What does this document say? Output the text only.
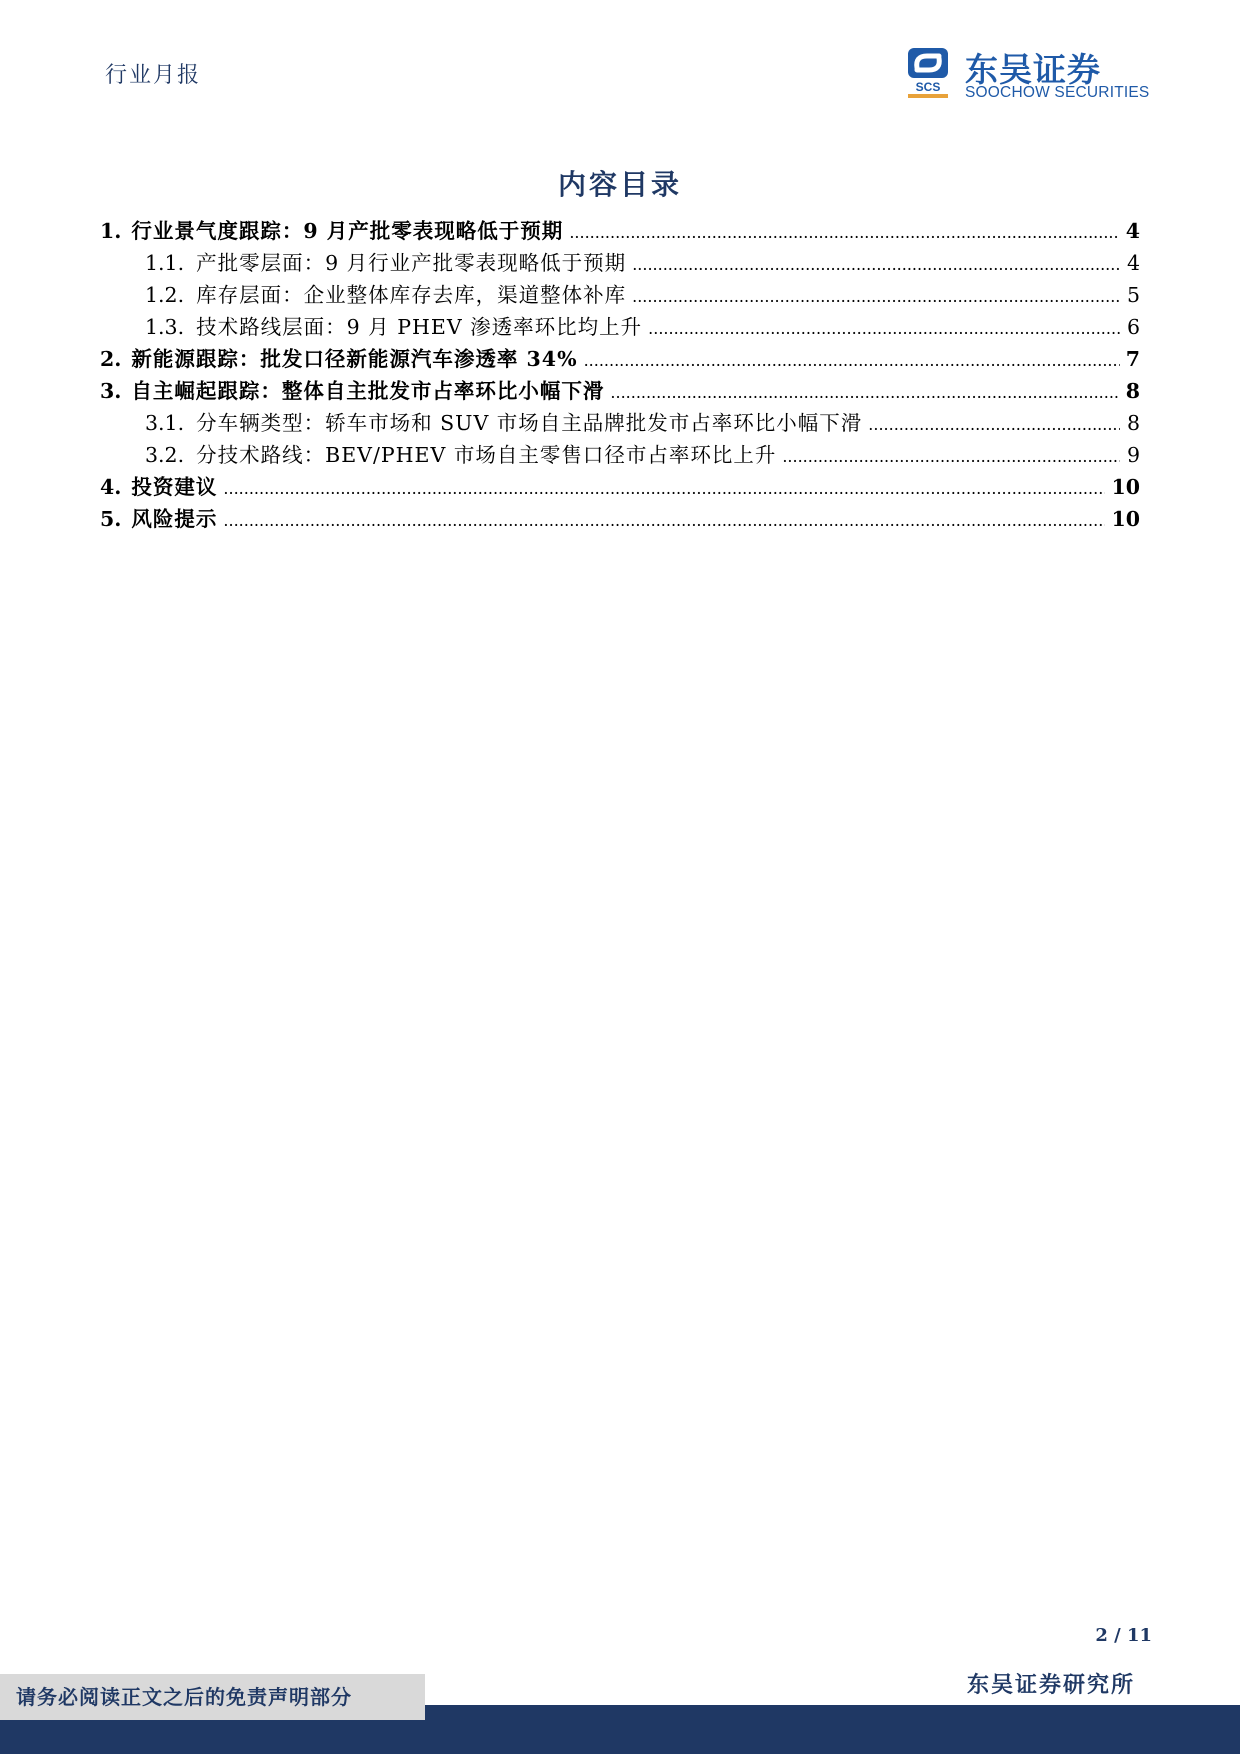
行业月报	SCS 东吴证券
SOOCHOW SECURITIES
内容目录
1. 行业景气度跟踪：9 月产批零表现略低于预期 .....	4
1.1. 产批零层面：9 月行业产批零表现略低于预期 .....	4
1.2. 库存层面：企业整体库存去库，渠道整体补库 .....	5
1.3. 技术路线层面：9 月 PHEV 渗透率环比均上升 .....	6
2. 新能源跟踪：批发口径新能源汽车渗透率 34% .....	7
3. 自主崛起跟踪：整体自主批发市占率环比小幅下滑 .....	8
3.1. 分车辆类型：轿车市场和 SUV 市场自主品牌批发市占率环比小幅下滑 .....	8
3.2. 分技术路线：BEV/PHEV 市场自主零售口径市占率环比上升 .....	9
4. 投资建议 .....	10
5. 风险提示 .....	10
2 / 11
请务必阅读正文之后的免责声明部分	东吴证券研究所
